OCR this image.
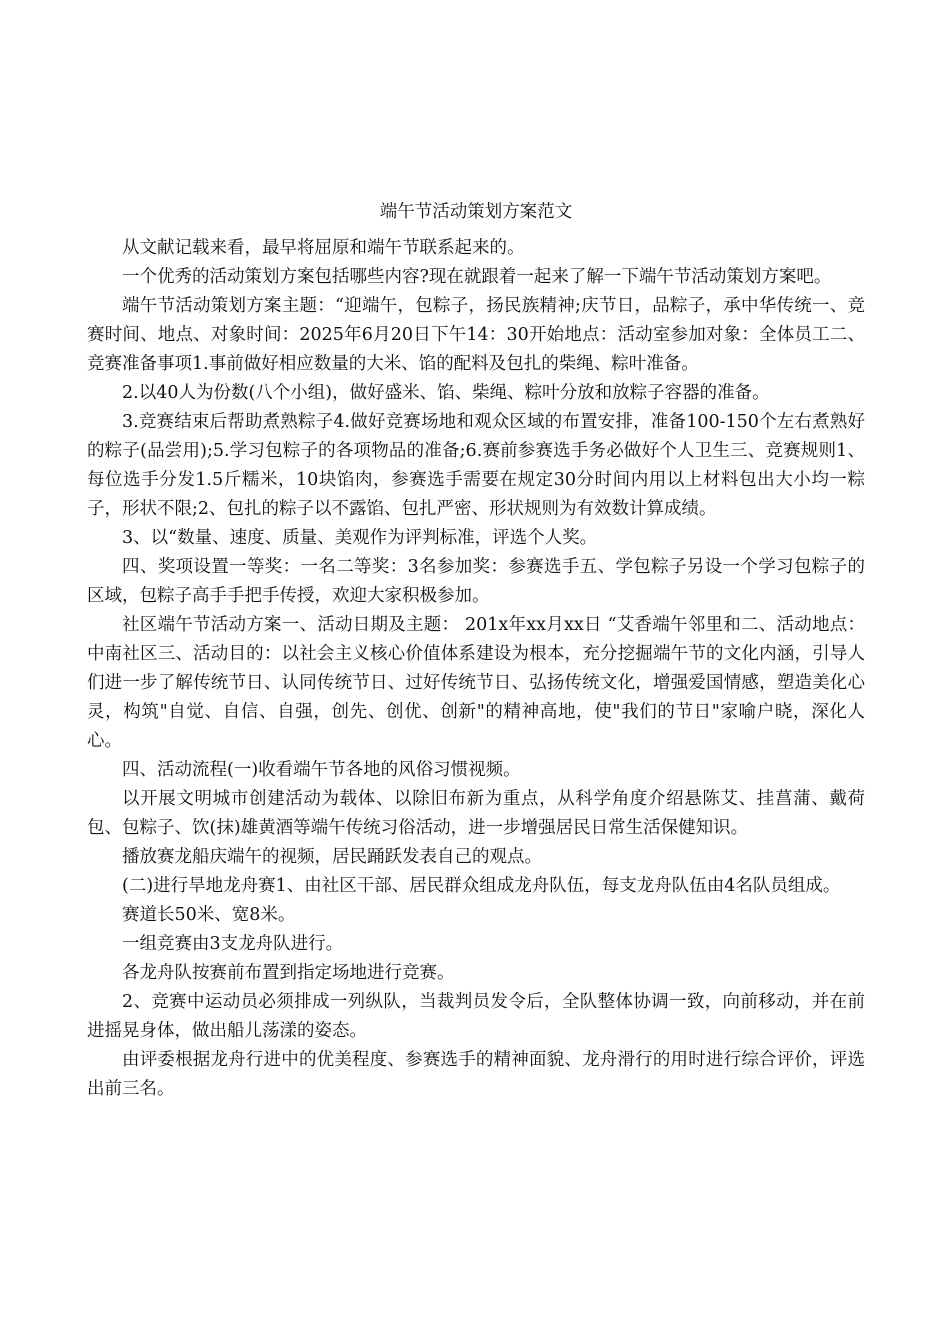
端午节活动策划方案范文

从文献记载来看，最早将屈原和端午节联系起来的。

一个优秀的活动策划方案包括哪些内容?现在就跟着一起来了解一下端午节活动策划方案吧。

端午节活动策划方案主题：“迎端午，包粽子，扬民族精神;庆节日，品粽子，承中华传统一、竞赛时间、地点、对象时间：2025年6月20日下午14：30开始地点：活动室参加对象：全体员工二、竞赛准备事项1.事前做好相应数量的大米、馅的配料及包扎的柴绳、粽叶准备。

2.以40人为份数(八个小组)，做好盛米、馅、柴绳、粽叶分放和放粽子容器的准备。

3.竞赛结束后帮助煮熟粽子4.做好竞赛场地和观众区域的布置安排，准备100-150个左右煮熟好的粽子(品尝用);5.学习包粽子的各项物品的准备;6.赛前参赛选手务必做好个人卫生三、竞赛规则1、每位选手分发1.5斤糯米，10块馅肉，参赛选手需要在规定30分时间内用以上材料包出大小均一粽子，形状不限;2、包扎的粽子以不露馅、包扎严密、形状规则为有效数计算成绩。

3、以“数量、速度、质量、美观作为评判标准，评选个人奖。

四、奖项设置一等奖：一名二等奖：3名参加奖：参赛选手五、学包粽子另设一个学习包粽子的区域，包粽子高手手把手传授，欢迎大家积极参加。

社区端午节活动方案一、活动日期及主题： 201x年xx月xx日 “艾香端午邻里和二、活动地点：中南社区三、活动目的：以社会主义核心价值体系建设为根本，充分挖掘端午节的文化内涵，引导人们进一步了解传统节日、认同传统节日、过好传统节日、弘扬传统文化，增强爱国情感，塑造美化心灵，构筑"自觉、自信、自强，创先、创优、创新"的精神高地，使"我们的节日"家喻户晓，深化人心。

四、活动流程(一)收看端午节各地的风俗习惯视频。

以开展文明城市创建活动为载体、以除旧布新为重点，从科学角度介绍悬陈艾、挂菖蒲、戴荷包、包粽子、饮(抹)雄黄酒等端午传统习俗活动，进一步增强居民日常生活保健知识。

播放赛龙船庆端午的视频，居民踊跃发表自己的观点。

(二)进行旱地龙舟赛1、由社区干部、居民群众组成龙舟队伍，每支龙舟队伍由4名队员组成。

赛道长50米、宽8米。

一组竞赛由3支龙舟队进行。

各龙舟队按赛前布置到指定场地进行竞赛。

2、竞赛中运动员必须排成一列纵队，当裁判员发令后，全队整体协调一致，向前移动，并在前进摇晃身体，做出船儿荡漾的姿态。

由评委根据龙舟行进中的优美程度、参赛选手的精神面貌、龙舟滑行的用时进行综合评价，评选出前三名。
